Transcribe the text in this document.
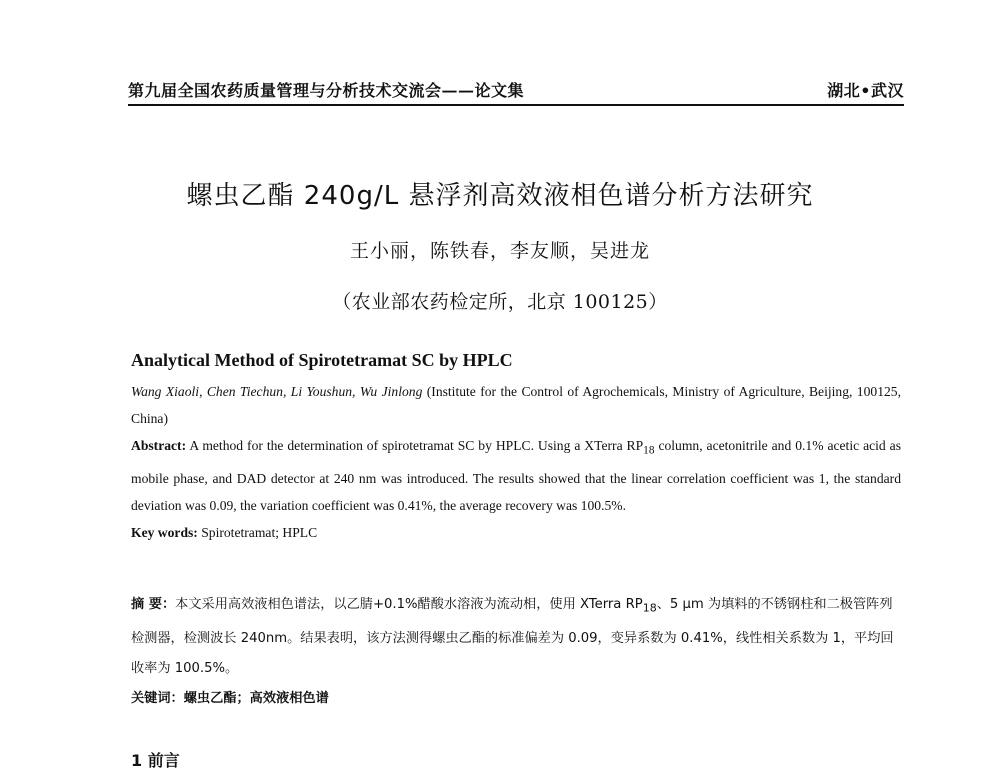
第九届全国农药质量管理与分析技术交流会——论文集	湖北•武汉
螺虫乙酯 240g/L 悬浮剂高效液相色谱分析方法研究
王小丽，陈铁春，李友顺，吴进龙
（农业部农药检定所，北京 100125）
Analytical Method of Spirotetramat SC by HPLC

Wang Xiaoli, Chen Tiechun, Li Youshun, Wu Jinlong (Institute for the Control of Agrochemicals, Ministry of Agriculture, Beijing, 100125, China)

Abstract: A method for the determination of spirotetramat SC by HPLC. Using a XTerra $RP_{18}$ column, acetonitrile and 0.1% acetic acid as mobile phase, and DAD detector at 240 nm was introduced. The results showed that the linear correlation coefficient was 1, the standard deviation was 0.09, the variation coefficient was 0.41%, the average recovery was 100.5%.

Key words: Spirotetramat; HPLC

摘 要：本文采用高效液相色谱法，以乙腈+0.1%醋酸水溶液为流动相，使用 XTerra $RP_{18}$、5 μm 为填料的不锈钢柱和二极管阵列检测器，检测波长 240nm。结果表明，该方法测得螺虫乙酯的标准偏差为 0.09，变异系数为 0.41%，线性相关系数为 1，平均回收率为 100.5%。

关键词：螺虫乙酯；高效液相色谱

1 前言
